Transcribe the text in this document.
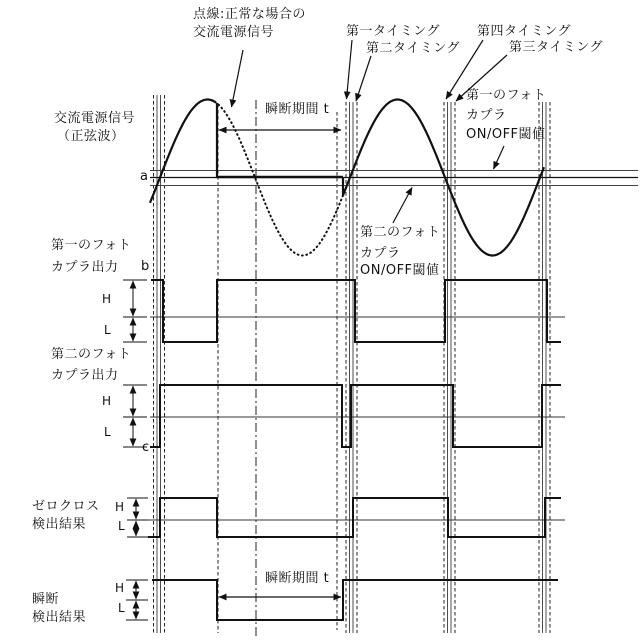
点線:正常な場合の
交流電源信号	第一タイミング
第二タイミング
第四タイミング
第三タイミング
瞬断期間 t
第一のフォト
カプラ
ON/OFF閾値
第二のフォト
カプラ
ON/OFF閾値
交流電源信号
（正弦波）
第一のフォト
カプラ出力
第二のフォト
カプラ出力
ゼロクロス
検出結果
瞬断
検出結果
瞬断期間 t
a
b
c
H
L
H
L
H
L
H
L
